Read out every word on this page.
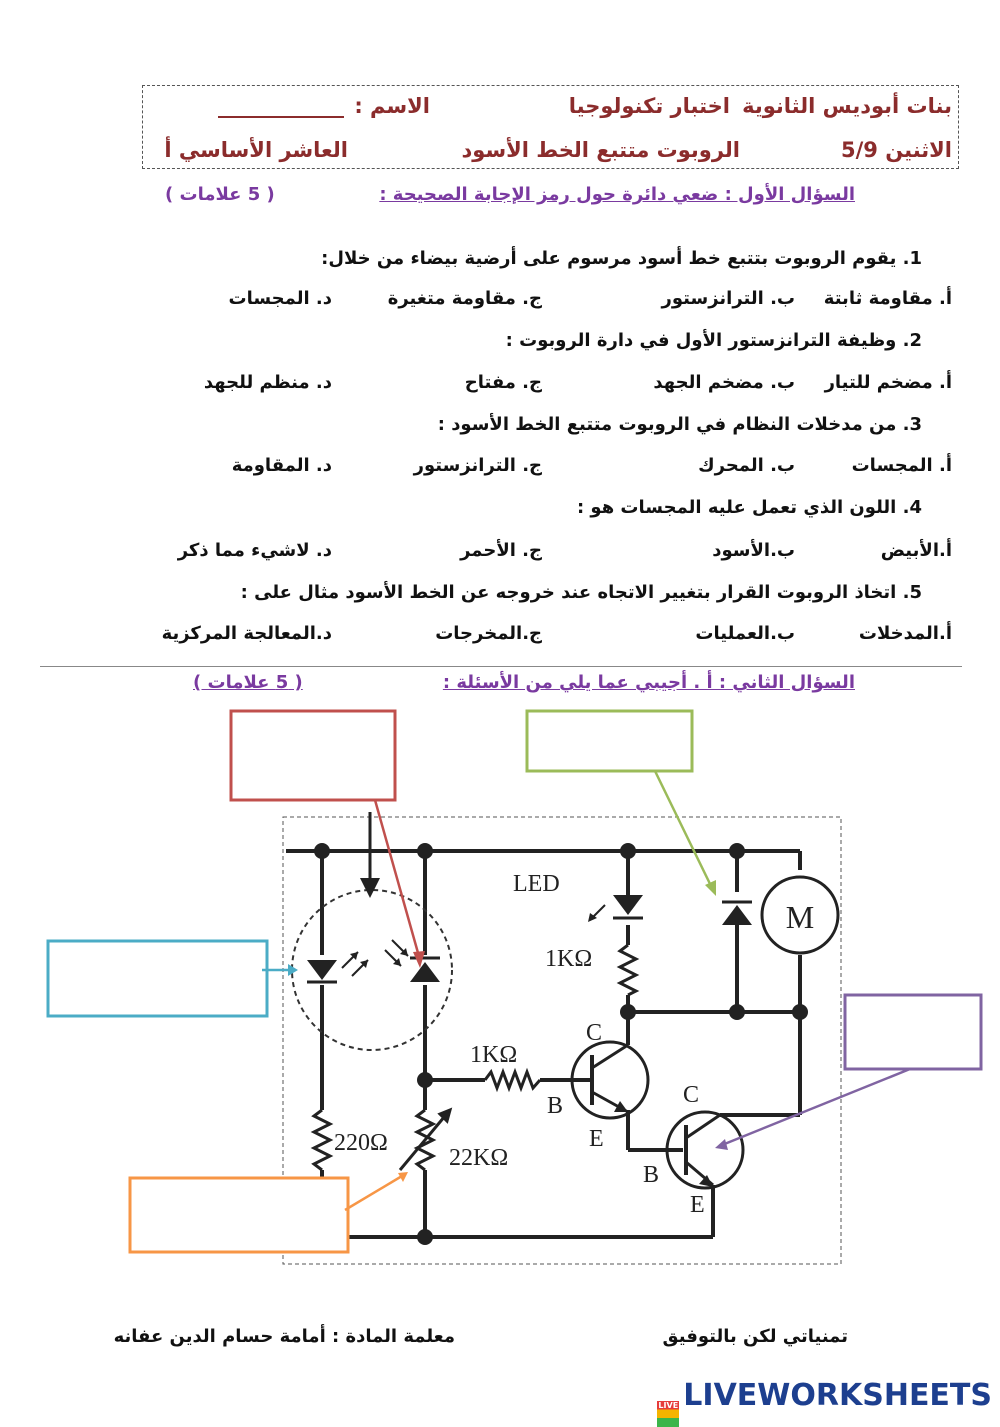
بنات أبوديس الثانوية
اختبار تكنولوجيا
الاسم :
____________
الاثنين 5/9
الروبوت متتبع الخط الأسود
العاشر الأساسي أ
السؤال الأول : ضعي دائرة حول رمز الإجابة الصحيحة :
( 5 علامات )
1. يقوم الروبوت بتتبع خط أسود مرسوم على أرضية بيضاء من خلال:
أ. مقاومة ثابتة
ب. الترانزستور
ج. مقاومة متغيرة
د. المجسات
2. وظيفة الترانزستور الأول في دارة الروبوت :
أ. مضخم للتيار
ب. مضخم الجهد
ج. مفتاح
د. منظم للجهد
3. من مدخلات النظام في الروبوت متتبع الخط الأسود :
أ. المجسات
ب. المحرك
ج. الترانزستور
د. المقاومة
4. اللون الذي تعمل عليه المجسات هو :
أ.الأبيض
ب.الأسود
ج. الأحمر
د. لاشيء مما ذكر
5. اتخاذ الروبوت القرار بتغيير الاتجاه عند خروجه عن الخط الأسود مثال على :
أ.المدخلات
ب.العمليات
ج.المخرجات
د.المعالجة المركزية
السؤال الثاني : أ . أجيبي عما يلي من الأسئلة :
( 5 علامات )
M
LED
1KΩ
1KΩ
220Ω
22KΩ
C
B
E
C
B
E
تمنياتي لكن بالتوفيق
معلمة المادة : أمامة حسام الدين عفانه
LIVE LIVEWORKSHEETS
